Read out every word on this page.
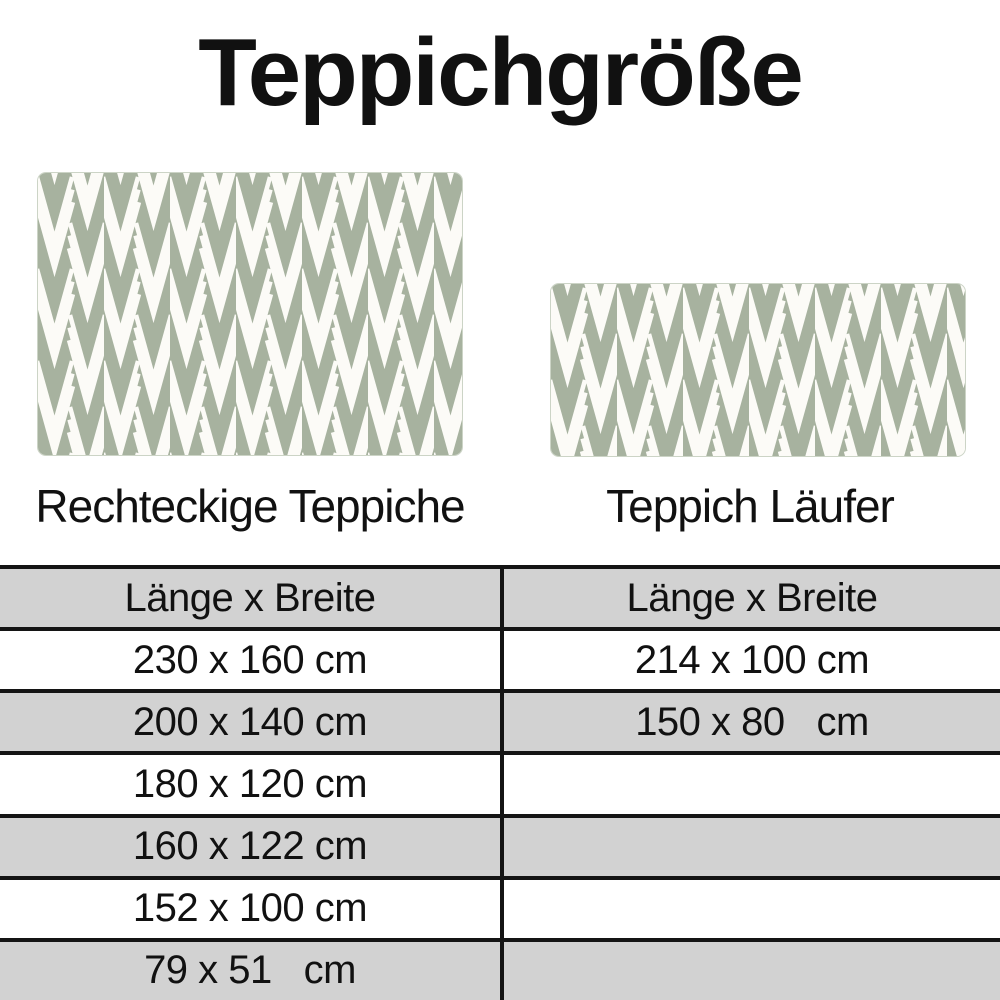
Teppichgröße
Rechteckige Teppiche	Teppich Läufer
Länge x Breite	Länge x Breite
230 x 160 cm	214 x 100 cm
200 x 140 cm	150 x 80   cm
180 x 120 cm
160 x 122 cm
152 x 100 cm
79 x 51   cm
